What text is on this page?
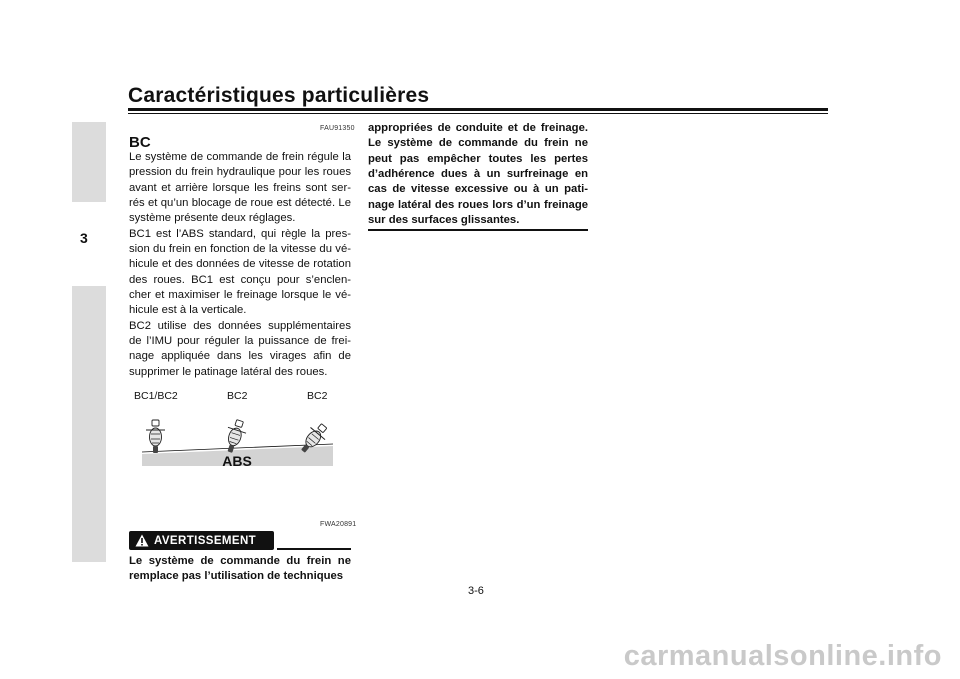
Caractéristiques particulières
3
FAU91350
BC

Le système de commande de frein régule la pression du frein hydraulique pour les roues avant et arrière lorsque les freins sont ser-rés et qu’un blocage de roue est détecté. Le système présente deux réglages.

BC1 est l’ABS standard, qui règle la pres-sion du frein en fonction de la vitesse du vé-hicule et des données de vitesse de rotation des roues. BC1 est conçu pour s’enclen-cher et maximiser le freinage lorsque le vé-hicule est à la verticale.

BC2 utilise des données supplémentaires de l’IMU pour réguler la puissance de frei-nage appliquée dans les virages afin de supprimer le patinage latéral des roues.

BC1/BC2	BC2	BC2
ABS
FWA20891
AVERTISSEMENT
Le système de commande du frein ne remplace pas l’utilisation de techniques
appropriées de conduite et de freinage. Le système de commande du frein ne peut pas empêcher toutes les pertes d’adhérence dues à un surfreinage en cas de vitesse excessive ou à un pati-nage latéral des roues lors d’un freinage sur des surfaces glissantes.
3-6
carmanualsonline.info
